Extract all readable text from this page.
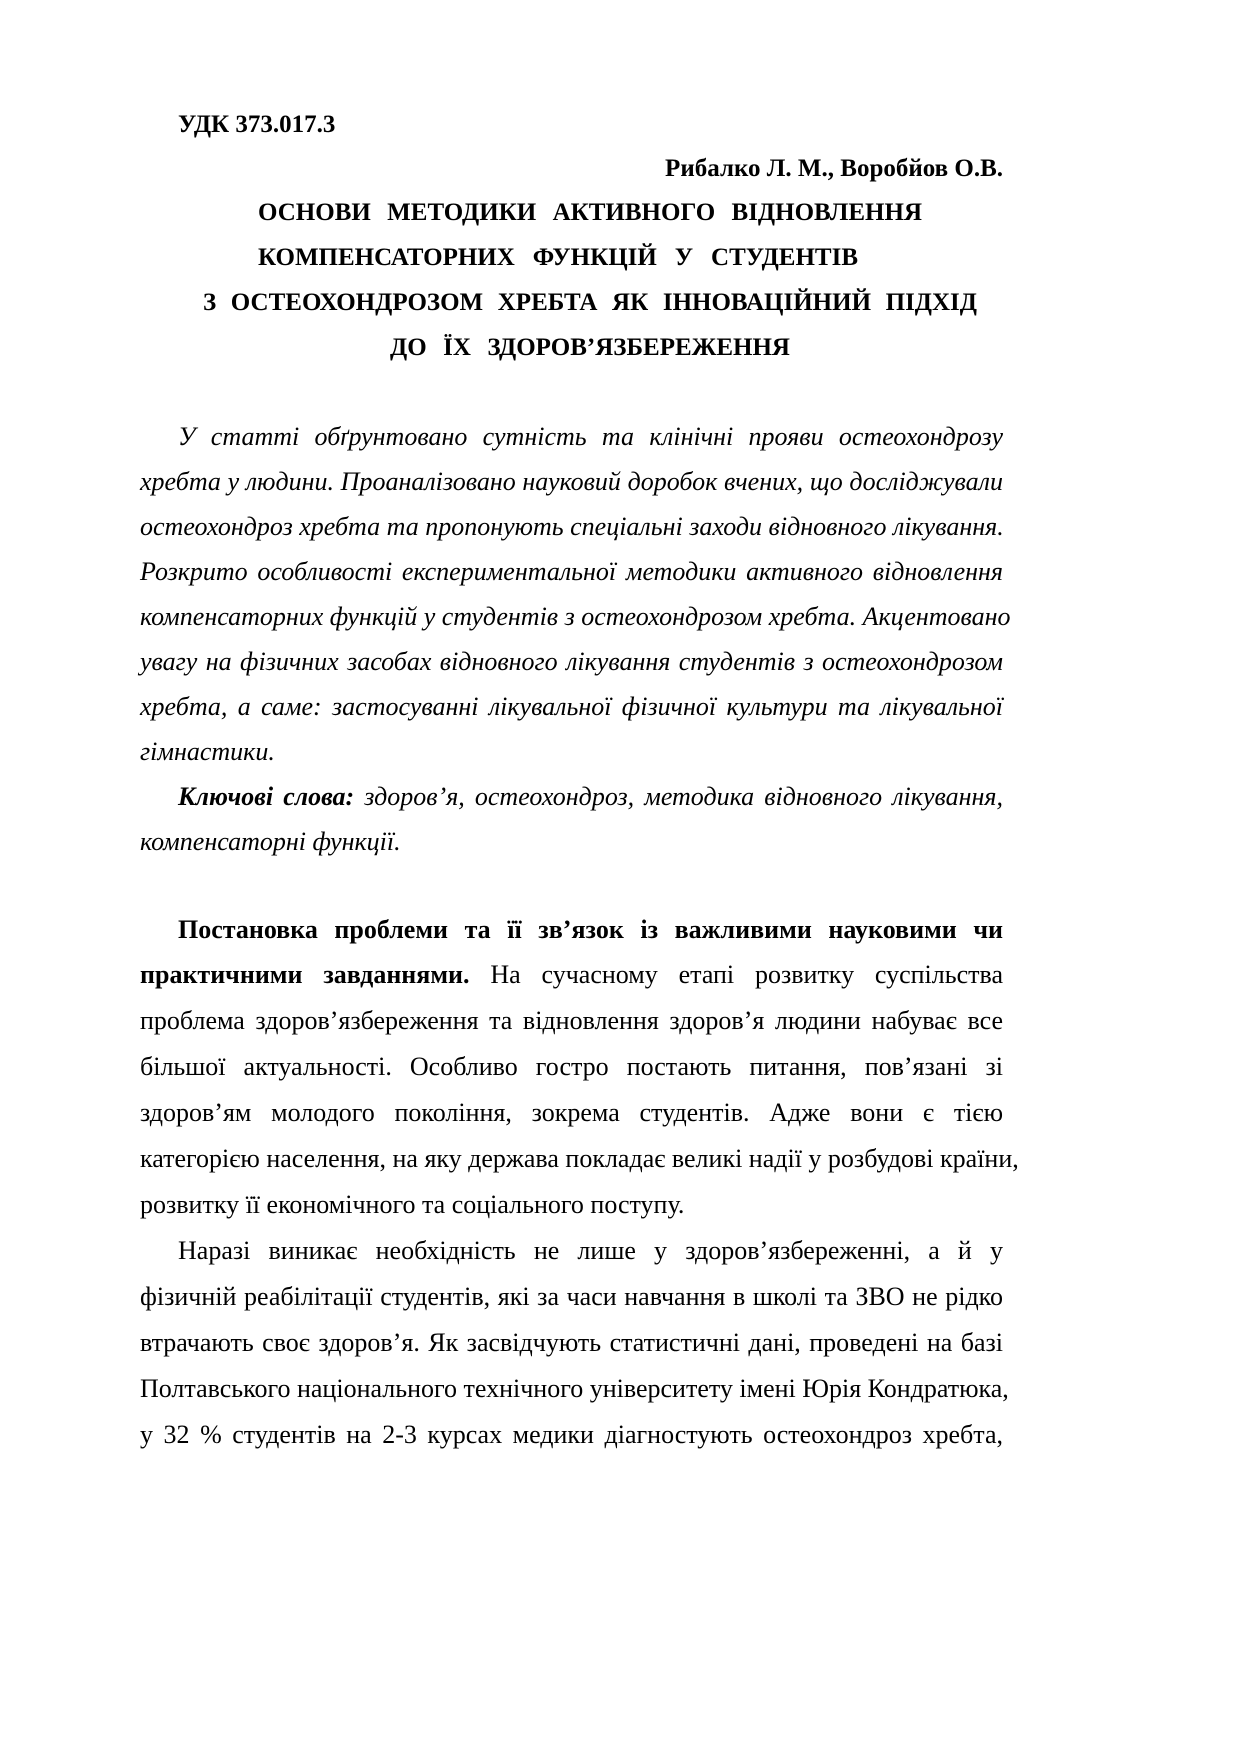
УДК 373.017.3
Рибалко Л. М., Воробйов О.В.
ОСНОВИ МЕТОДИКИ АКТИВНОГО ВІДНОВЛЕННЯ
КОМПЕНСАТОРНИХ ФУНКЦІЙ У СТУДЕНТІВ
З ОСТЕОХОНДРОЗОМ ХРЕБТА ЯК ІННОВАЦІЙНИЙ ПІДХІД
ДО ЇХ ЗДОРОВ’ЯЗБЕРЕЖЕННЯ
У статті обґрунтовано сутність та клінічні прояви остеохондрозу
хребта у людини. Проаналізовано науковий доробок вчених, що досліджували
остеохондроз хребта та пропонують спеціальні заходи відновного лікування.
Розкрито особливості експериментальної методики активного відновлення
компенсаторних функцій у студентів з остеохондрозом хребта. Акцентовано
увагу на фізичних засобах відновного лікування студентів з остеохондрозом
хребта, а саме: застосуванні лікувальної фізичної культури та лікувальної
гімнастики.
Ключові слова: здоров’я, остеохондроз, методика відновного лікування,
компенсаторні функції.
Постановка проблеми та її зв’язок із важливими науковими чи
практичними завданнями. На сучасному етапі розвитку суспільства
проблема здоров’язбереження та відновлення здоров’я людини набуває все
більшої актуальності. Особливо гостро постають питання, пов’язані зі
здоров’ям молодого покоління, зокрема студентів. Адже вони є тією
категорією населення, на яку держава покладає великі надії у розбудові країни,
розвитку її економічного та соціального поступу.
Наразі виникає необхідність не лише у здоров’язбереженні, а й у
фізичній реабілітації студентів, які за часи навчання в школі та ЗВО не рідко
втрачають своє здоров’я. Як засвідчують статистичні дані, проведені на базі
Полтавського національного технічного університету імені Юрія Кондратюка,
у 32 % студентів на 2-3 курсах медики діагностують остеохондроз хребта,
